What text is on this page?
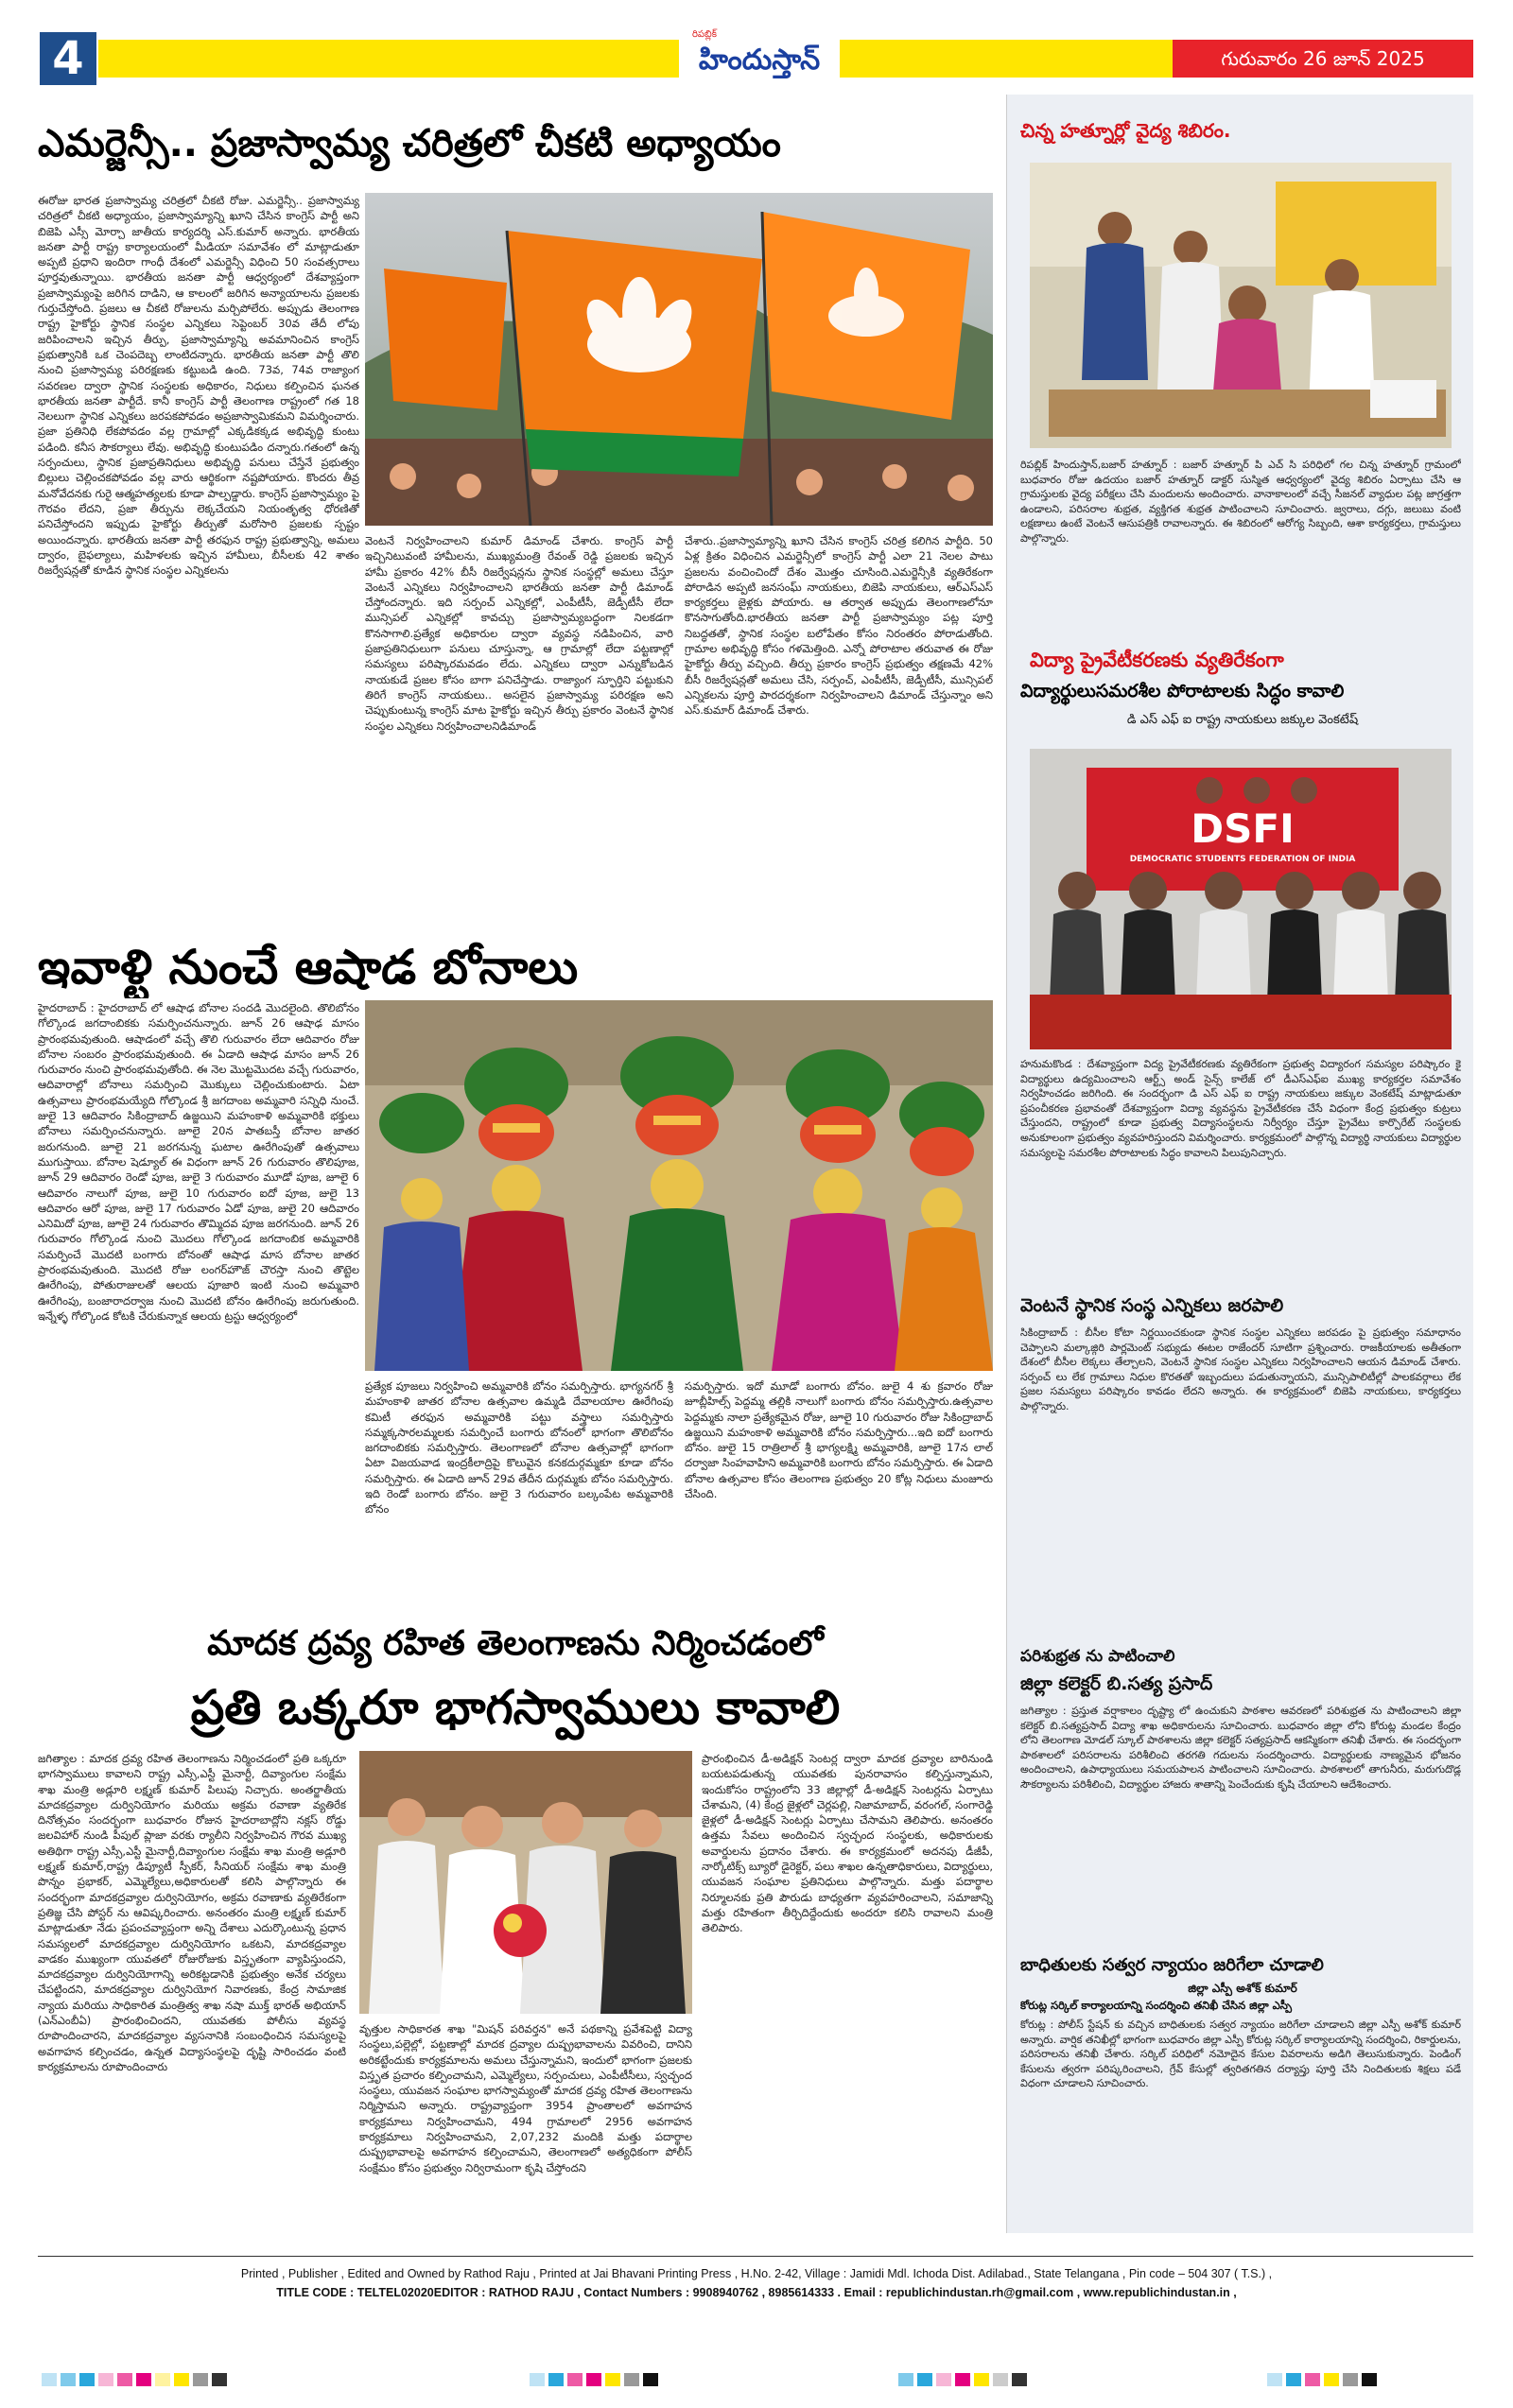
4	రిపబ్లిక్
హిందుస్తాన్	గురువారం 26 జూన్ 2025
ఎమర్జెన్సీ.. ప్రజాస్వామ్య చరిత్రలో చీకటి అధ్యాయం
ఈరోజు భారత ప్రజాస్వామ్య చరిత్రలో చీకటి రోజు. ఎమర్జెన్సీ.. ప్రజాస్వామ్య చరిత్రలో చీకటి అధ్యాయం, ప్రజాస్వామ్యాన్ని ఖూని చేసిన కాంగ్రెస్ పార్టీ అని బిజెపి ఎస్సీ మోర్చా జాతీయ కార్యదర్శి ఎస్.కుమార్ అన్నారు. భారతీయ జనతా పార్టీ రాష్ట్ర కార్యాలయంలో మీడియా సమావేశం లో మాట్లాడుతూ అప్పటి ప్రధాని ఇందిరా గాంధీ దేశంలో ఎమర్జెన్సీ విధించి 50 సంవత్సరాలు పూర్తవుతున్నాయి. భారతీయ జనతా పార్టీ ఆధ్వర్యంలో దేశవ్యాప్తంగా ప్రజాస్వామ్యంపై జరిగిన దాడిని, ఆ కాలంలో జరిగిన అన్యాయాలను ప్రజలకు గుర్తుచేస్తోంది. ప్రజలు ఆ చీకటి రోజులను మర్చిపోలేరు. అప్పుడు తెలంగాణ రాష్ట్ర హైకోర్టు స్థానిక సంస్థల ఎన్నికలు సెప్టెంబర్ 30వ తేదీ లోపు జరిపించాలని ఇచ్చిన తీర్పు, ప్రజాస్వామ్యాన్ని అవమానించిన కాంగ్రెస్ ప్రభుత్వానికి ఒక చెంపదెబ్బ లాంటిదన్నారు. భారతీయ జనతా పార్టీ తొలి నుంచి ప్రజాస్వామ్య పరిరక్షణకు కట్టుబడి ఉంది. 73వ, 74వ రాజ్యాంగ సవరణల ద్వారా స్థానిక సంస్థలకు అధికారం, నిధులు కల్పించిన ఘనత భారతీయ జనతా పార్టీదే. కానీ కాంగ్రెస్ పార్టీ తెలంగాణ రాష్ట్రంలో గత 18 నెలలుగా స్థానిక ఎన్నికలు జరపకపోవడం అప్రజాస్వామికమని విమర్శించారు. ప్రజా ప్రతినిధి లేకపోవడం వల్ల గ్రామాల్లో ఎక్కడికక్కడ అభివృద్ధి కుంటు పడింది. కనీస సౌకర్యాలు లేవు. అభివృద్ధి కుంటుపడిం దన్నారు.గతంలో ఉన్న సర్పంచులు, స్థానిక ప్రజాప్రతినిధులు అభివృద్ధి పనులు చేస్తేనే ప్రభుత్వం బిల్లులు చెల్లించకపోవడం వల్ల వారు ఆర్థికంగా నష్టపోయారు. కొందరు తీవ్ర మనోవేదనకు గురై ఆత్మహత్యలకు కూడా పాల్పడ్డారు. కాంగ్రెస్ ప్రజాస్వామ్యం పై గౌరవం లేదని, ప్రజా తీర్పును లెక్కచేయని నియంతృత్వ ధోరణితో పనిచేస్తోందని ఇప్పుడు హైకోర్టు తీర్పుతో మరోసారి ప్రజలకు స్పష్టం అయిందన్నారు. భారతీయ జనతా పార్టీ తరఫున రాష్ట్ర ప్రభుత్వాన్ని, అమలు ద్వారం, బైఫల్యాలు, మహిళలకు ఇచ్చిన హామీలు, బీసీలకు 42 శాతం రిజర్వేషన్లతో కూడిన స్థానిక సంస్థల ఎన్నికలను
వెంటనే నిర్వహించాలని కుమార్ డిమాండ్ చేశారు. కాంగ్రెస్ పార్టీ ఇచ్చినిటువంటి హామీలను, ముఖ్యమంత్రి రేవంత్ రెడ్డి ప్రజలకు ఇచ్చిన హామీ ప్రకారం 42% బీసీ రిజర్వేషన్లను స్థానిక సంస్థల్లో అమలు చేస్తూ వెంటనే ఎన్నికలు నిర్వహించాలని భారతీయ జనతా పార్టీ డిమాండ్ చేస్తోందన్నారు. ఇది సర్పంచ్ ఎన్నికల్లో, ఎంపీటీసీ, జెడ్పీటీసీ లేదా మున్సిపల్ ఎన్నికల్లో కావచ్చు ప్రజాస్వామ్యబద్ధంగా నిలకడగా కొనసాగాలి.ప్రత్యేక అధికారుల ద్వారా వ్యవస్థ నడిపించిన, వారి ప్రజాప్రతినిధులుగా పనులు చూస్తున్నా, ఆ గ్రామాల్లో లేదా పట్టణాల్లో సమస్యలు పరిష్కారమవడం లేదు. ఎన్నికలు ద్వారా ఎన్నుకోబడిన నాయకుడే ప్రజల కోసం బాగా పనిచేస్తాడు. రాజ్యాంగ స్ఫూర్తిని పట్టుకుని తిరిగే కాంగ్రెస్ నాయకులు.. అసలైన ప్రజాస్వామ్య పరిరక్షణ అని చెప్పుకుంటున్న కాంగ్రెస్ మాట హైకోర్టు ఇచ్చిన తీర్పు ప్రకారం వెంటనే స్థానిక సంస్థల ఎన్నికలు నిర్వహించాలనిడిమాండ్
చేశారు..ప్రజాస్వామ్యాన్ని ఖూని చేసిన కాంగ్రెస్ చరిత్ర కలిగిన పార్టీది. 50 ఏళ్ల క్రితం విధించిన ఎమర్జెన్సీలో కాంగ్రెస్ పార్టీ ఎలా 21 నెలల పాటు ప్రజలను వంచించిందో దేశం మొత్తం చూసింది.ఎమర్జెన్సీకి వ్యతిరేకంగా పోరాడిన అప్పటి జనసంఘ్ నాయకులు, బిజెపి నాయకులు, ఆర్ఎస్ఎస్ కార్యకర్తలు జైళ్లకు పోయారు. ఆ తర్వాత అప్పుడు తెలంగాణలోనూ కొనసాగుతోంది.భారతీయ జనతా పార్టీ ప్రజాస్వామ్యం పట్ల పూర్తి నిబద్ధతతో, స్థానిక సంస్థల బలోపేతం కోసం నిరంతరం పోరాడుతోంది. గ్రామాల అభివృద్ధి కోసం గళమెత్తింది. ఎన్నో పోరాటాల తరువాత ఈ రోజు హైకోర్టు తీర్పు వచ్చింది. తీర్పు ప్రకారం కాంగ్రెస్ ప్రభుత్వం తక్షణమే 42% బీసీ రిజర్వేషన్లతో అమలు చేసి, సర్పంచ్, ఎంపీటీసీ, జెడ్పీటీసీ, మున్సిపల్ ఎన్నికలను పూర్తి పారదర్శకంగా నిర్వహించాలని డిమాండ్ చేస్తున్నాం అని ఎస్.కుమార్ డిమాండ్ చేశారు.
ఇవాళ్టి నుంచే ఆషాడ బోనాలు
హైదరాబాద్ : హైదరాబాద్ లో ఆషాఢ బోనాల సందడి మొదలైంది. తొలిబోనం గోల్కొండ జగదాంబికకు సమర్పించనున్నారు. జూన్ 26 ఆషాఢ మాసం ప్రారంభమవుతుంది. ఆషాడంలో వచ్చే తొలి గురువారం లేదా ఆదివారం రోజు బోనాల సంబరం ప్రారంభమవుతుంది. ఈ ఏడాది ఆషాఢ మాసం జూన్ 26 గురువారం నుంచి ప్రారంభమవుతోంది. ఈ నెల మొట్టమొదట వచ్చే గురువారం, ఆదివారాల్లో బోనాలు సమర్పించి మొక్కులు చెల్లించుకుంటారు. ఏటా ఉత్సవాలు ప్రారంభమయ్యేది గోల్కొండ శ్రీ జగదాంబ అమ్మవారి సన్నిధి నుంచే. జులై 13 ఆదివారం సికింద్రాబాద్ ఉజ్జయిని మహంకాళి అమ్మవారికి భక్తులు బోనాలు సమర్పించనున్నారు. జూలై 20న పాతబస్తీ బోనాల జాతర జరుగనుంది. జూలై 21 జరగనున్న ఘటాల ఊరేగింపుతో ఉత్సవాలు ముగుస్తాయి. బోనాల షెడ్యూల్ ఈ విధంగా జూన్ 26 గురువారం తొలిపూజ, జూన్ 29 ఆదివారం రెండో పూజ, జులై 3 గురువారం మూడో పూజ, జూలై 6 ఆదివారం నాలుగో పూజ, జులై 10 గురువారం ఐదో పూజ, జులై 13 ఆదివారం ఆరో పూజ, జులై 17 గురువారం ఏడో పూజ, జులై 20 ఆదివారం ఎనిమిదో పూజ, జూలై 24 గురువారం తొమ్మిదవ పూజ జరగనుంది. జూన్ 26 గురువారం గోల్కొండ నుంచి మొదలు గోల్కొండ జగదాంబిక అమ్మవారికి సమర్పించే మొదటి బంగారు బోనంతో ఆషాఢ మాస బోనాల జాతర ప్రారంభమవుతుంది. మొదటి రోజు లంగర్‌హౌజ్ చౌరస్తా నుంచి తొట్టెల ఊరేగింపు, పోతురాజులతో ఆలయ పూజారి ఇంటి నుంచి అమ్మవారి ఊరేగింపు, బంజారాదర్వాజ నుంచి మొదటి బోనం ఊరేగింపు జరుగుతుంది. ఇన్నేళ్ళ గోల్కొండ కోటకి చేరుకున్నాక ఆలయ ట్రస్టు ఆధ్వర్యంలో
ప్రత్యేక పూజలు నిర్వహించి అమ్మవారికి బోనం సమర్పిస్తారు. భాగ్యనగర్ శ్రీ మహంకాళి జాతర బోనాల ఉత్సవాల ఉమ్మడి దేవాలయాల ఊరేగింపు కమిటీ తరఫున అమ్మవారికి పట్టు వస్త్రాలు సమర్పిస్తారు సమ్మక్కసారలమ్మలకు సమర్పించే బంగారు బోనంలో భాగంగా తొలిబోనం జగదాంబికకు సమర్పిస్తారు. తెలంగాణలో బోనాల ఉత్సవాల్లో భాగంగా ఏటా విజయవాడ ఇంద్రకీలాద్రిపై కొలువైన కనకదుర్గమ్మకూ కూడా బోనం సమర్పిస్తారు. ఈ ఏడాది జూన్ 29వ తేదీన దుర్గమ్మకు బోనం సమర్పిస్తారు. ఇది రెండో బంగారు బోనం. జులై 3 గురువారం బల్కంపేట అమ్మవారికి బోనం
సమర్పిస్తారు. ఇదో మూడో బంగారు బోనం. జులై 4 శు క్రవారం రోజు జూబ్లీహిల్స్ పెద్దమ్మ తల్లికి నాలుగో బంగారు బోనం సమర్పిస్తారు.ఉత్సవాల పెద్దమ్మకు నాలా ప్రత్యేకమైన రోజు, జూలై 10 గురువారం రోజు సికింద్రాబాద్ ఉజ్జయిని మహంకాళి అమ్మవారికి బోనం సమర్పిస్తారు...ఇది ఐదో బంగారు బోనం. జులై 15 రాత్రిలాల్ శ్రీ భాగ్యలక్ష్మి అమ్మవారికి, జూలై 17న లాల్ దర్వాజా సింహవాహిని అమ్మవారికి బంగారు బోనం సమర్పిస్తారు. ఈ ఏడాది బోనాల ఉత్సవాల కోసం తెలంగాణ ప్రభుత్వం 20 కోట్ల నిధులు మంజూరు చేసింది.
మాదక ద్రవ్య రహిత తెలంగాణను నిర్మించడంలో
ప్రతి ఒక్కరూ భాగస్వాములు కావాలి
జగిత్యాల : మాదక ద్రవ్య రహిత తెలంగాణను నిర్మించడంలో ప్రతి ఒక్కరూ భాగస్వాములు కావాలని రాష్ట్ర ఎస్సీ,ఎస్టీ మైనార్టీ, దివ్యాంగుల సంక్షేమ శాఖ మంత్రి అడ్లూరి లక్ష్మణ్ కుమార్ పిలుపు నిచ్చారు. అంతర్జాతీయ మాదకద్రవ్యాల దుర్వినియోగం మరియు అక్రమ రవాణా వ్యతిరేక దినోత్సవం సందర్భంగా బుధవారం రోజున హైదరాబాద్లోని నక్లస్ రోడ్డు జలవిహార్ నుండి పీపుల్ ప్లాజా వరకు ర్యాలీని నిర్వహించిన గౌరవ ముఖ్య అతిథిగా రాష్ట్ర ఎస్సీ,ఎస్టీ మైనార్టీ,దివ్యాంగుల సంక్షేమ శాఖ మంత్రి అడ్లూరి లక్ష్మణ్ కుమార్,రాష్ట్ర డిప్యూటీ స్పీకర్, సీనియర్ సంక్షేమ శాఖ మంత్రి పొన్నం ప్రభాకర్, ఎమ్మెల్యేలు,అధికారులతో కలిసి పాల్గొన్నారు ఈ సందర్భంగా మాదకద్రవ్యాల దుర్వినియోగం, అక్రమ రవాణాకు వ్యతిరేకంగా ప్రతిజ్ఞ చేసి పోస్టర్ ను ఆవిష్కరించారు. అనంతరం మంత్రి లక్ష్మణ్ కుమార్ మాట్లాడుతూ నేడు ప్రపంచవ్యాప్తంగా అన్ని దేశాలు ఎదుర్కొంటున్న ప్రధాన సమస్యలలో మాదకద్రవ్యాల దుర్వినియోగం ఒకటని, మాదకద్రవ్యాల వాడకం ముఖ్యంగా యువతలో రోజురోజుకు విస్తృతంగా వ్యాపిస్తుందని, మాదకద్రవ్యాల దుర్వినియోగాన్ని అరికట్టడానికి ప్రభుత్వం అనేక చర్యలు చేపట్టిందని, మాదకద్రవ్యాల దుర్వినియోగ నివారణకు, కేంద్ర సామాజిక న్యాయ మరియు సాధికారిత మంత్రిత్వ శాఖ నషా ముక్త్ భారత్ అభియాన్ (ఎన్ఎంబీఏ) ప్రారంభించిందని, యువతకు పోలీసు వ్యవస్థ రూపొందించారని, మాదకద్రవ్యాల వ్యసనానికి సంబంధించిన సమస్యలపై అవగాహన కల్పించడం, ఉన్నత విద్యాసంస్థలపై దృష్టి సారించడం వంటి కార్యక్రమాలను రూపొందించారు
వృత్తుల సాధికారత శాఖ "మిషన్ పరివర్తన" అనే పథకాన్ని ప్రవేశపెట్టి విద్యా సంస్థలు,పల్లెల్లో, పట్టణాల్లో మాదక ద్రవ్యాల దుష్ప్రభావాలను వివరించి, దానిని అరికట్టేందుకు కార్యక్రమాలను అమలు చేస్తున్నామని, ఇందులో భాగంగా ప్రజలకు విస్తృత ప్రచారం కల్పించామని, ఎమ్మెల్యేలు, సర్పంచులు, ఎంపీటీసీలు, స్వచ్ఛంద సంస్థలు, యువజన సంఘాల భాగస్వామ్యంతో మాదక ద్రవ్య రహిత తెలంగాణను నిర్మిస్తామని అన్నారు. రాష్ట్రవ్యాప్తంగా 3954 ప్రాంతాలలో అవగాహన కార్యక్రమాలు నిర్వహించామని, 494 గ్రామాలలో 2956 అవగాహన కార్యక్రమాలు నిర్వహించామని, 2,07,232 మందికి మత్తు పదార్థాల దుష్ప్రభావాలపై అవగాహన కల్పించామని, తెలంగాణలో అత్యధికంగా పోలీస్ సంక్షేమం కోసం ప్రభుత్వం నిర్విరామంగా కృషి చేస్తోందని
ప్రారంభించిన డీ-అడిక్షన్ సెంటర్ల ద్వారా మాదక ద్రవ్యాల బారినుండి బయటపడుతున్న యువతకు పునరావాసం కల్పిస్తున్నామని, ఇందుకోసం రాష్ట్రంలోని 33 జిల్లాల్లో డీ-అడిక్షన్ సెంటర్లను ఏర్పాటు చేశామని, (4) కేంద్ర జైళ్లలో చెర్లపల్లి, నిజామాబాద్, వరంగల్, సంగారెడ్డి జైళ్లలో డీ-అడిక్షన్ సెంటర్లు ఏర్పాటు చేసామని తెలిపారు. అనంతరం ఉత్తమ సేవలు అందించిన స్వచ్ఛంద సంస్థలకు, అధికారులకు అవార్డులను ప్రదానం చేశారు. ఈ కార్యక్రమంలో అదనపు డీజీపీ, నార్కోటిక్స్ బ్యూరో డైరెక్టర్, పలు శాఖల ఉన్నతాధికారులు, విద్యార్థులు, యువజన సంఘాల ప్రతినిధులు పాల్గొన్నారు. మత్తు పదార్థాల నిర్మూలనకు ప్రతి పౌరుడు బాధ్యతగా వ్యవహరించాలని, సమాజాన్ని మత్తు రహితంగా తీర్చిదిద్దేందుకు అందరూ కలిసి రావాలని మంత్రి తెలిపారు.
చిన్న హత్నూర్లో వైద్య శిబిరం.
రిపబ్లిక్ హిందుస్తాన్,బజార్ హత్నూర్ : బజార్ హత్నూర్ పి ఎచ్ సి పరిధిలో గల చిన్న హత్నూర్ గ్రామంలో బుధవారం రోజు ఉదయం బజార్ హత్నూర్ డాక్టర్ సుస్మిత ఆధ్వర్యంలో వైద్య శిబిరం ఏర్పాటు చేసి ఆ గ్రామస్తులకు వైద్య పరీక్షలు చేసి మందులను అందించారు. వానాకాలంలో వచ్చే సీజనల్ వ్యాధుల పట్ల జాగ్రత్తగా ఉండాలని, పరిసరాల శుభ్రత, వ్యక్తిగత శుభ్రత పాటించాలని సూచించారు. జ్వరాలు, దగ్గు, జలుబు వంటి లక్షణాలు ఉంటే వెంటనే ఆసుపత్రికి రావాలన్నారు. ఈ శిబిరంలో ఆరోగ్య సిబ్బంది, ఆశా కార్యకర్తలు, గ్రామస్తులు పాల్గొన్నారు.
విద్యా ప్రైవేటీకరణకు వ్యతిరేకంగా
విద్యార్థులుసమరశీల పోరాటాలకు సిద్ధం కావాలి
డి ఎస్ ఎఫ్ ఐ రాష్ట్ర నాయకులు జక్కుల వెంకటేష్
DSFI
DEMOCRATIC STUDENTS FEDERATION OF INDIA
హనుమకొండ : దేశవ్యాప్తంగా విద్య ప్రైవేటీకరణకు వ్యతిరేకంగా ప్రభుత్వ విద్యారంగ సమస్యల పరిష్కారం కై విద్యార్థులు ఉద్యమించాలని ఆర్ట్స్ అండ్ సైన్స్ కాలేజ్ లో డీఎస్ఎఫ్ఐ ముఖ్య కార్యకర్తల సమావేశం నిర్వహించడం జరిగింది. ఈ సందర్భంగా డి ఎస్ ఎఫ్ ఐ రాష్ట్ర నాయకులు జక్కుల వెంకటేష్ మాట్లాడుతూ ప్రపంచీకరణ ప్రభావంతో దేశవ్యాప్తంగా విద్యా వ్యవస్థను ప్రైవేటీకరణ చేసే విధంగా కేంద్ర ప్రభుత్వం కుట్రలు చేస్తుందని, రాష్ట్రంలో కూడా ప్రభుత్వ విద్యాసంస్థలను నిర్వీర్యం చేస్తూ ప్రైవేటు కార్పొరేట్ సంస్థలకు అనుకూలంగా ప్రభుత్వం వ్యవహరిస్తుందని విమర్శించారు. కార్యక్రమంలో పాల్గొన్న విద్యార్థి నాయకులు విద్యార్థుల సమస్యలపై సమరశీల పోరాటాలకు సిద్ధం కావాలని పిలుపునిచ్చారు.
వెంటనే స్థానిక సంస్థ ఎన్నికలు జరపాలి
సికింద్రాబాద్ : బీసీల కోటా నిర్ణయించకుండా స్థానిక సంస్థల ఎన్నికలు జరపడం పై ప్రభుత్వం సమాధానం చెప్పాలని మల్కాజ్గిరి పార్లమెంట్ సభ్యుడు ఈటల రాజేందర్ సూటిగా ప్రశ్నించారు. రాజకీయాలకు అతీతంగా దేశంలో బీసీల లెక్కలు తేల్చాలని, వెంటనే స్థానిక సంస్థల ఎన్నికలు నిర్వహించాలని ఆయన డిమాండ్ చేశారు. సర్పంచ్ లు లేక గ్రామాలు నిధుల కొరతతో ఇబ్బందులు పడుతున్నాయని, మున్సిపాలిటీల్లో పాలకవర్గాలు లేక ప్రజల సమస్యలు పరిష్కారం కావడం లేదని అన్నారు. ఈ కార్యక్రమంలో బిజెపి నాయకులు, కార్యకర్తలు పాల్గొన్నారు.
పరిశుభ్రత ను పాటించాలి
జిల్లా కలెక్టర్ బి.సత్య ప్రసాద్
జగిత్యాల : ప్రస్తుత వర్షాకాలం దృష్ట్యా లో ఉంచుకుని పాఠశాల ఆవరణలో పరిశుభ్రత ను పాటించాలని జిల్లా కలెక్టర్ బి.సత్యప్రసాద్ విద్యా శాఖ అధికారులను సూచించారు. బుధవారం జిల్లా లోని కోరుట్ల మండల కేంద్రం లోని తెలంగాణ మోడల్ స్కూల్ పాఠశాలను జిల్లా కలెక్టర్ సత్యప్రసాద్ ఆకస్మికంగా తనిఖీ చేశారు. ఈ సందర్భంగా పాఠశాలలో పరిసరాలను పరిశీలించి తరగతి గదులను సందర్శించారు. విద్యార్థులకు నాణ్యమైన భోజనం అందించాలని, ఉపాధ్యాయులు సమయపాలన పాటించాలని సూచించారు. పాఠశాలలో తాగునీరు, మరుగుదొడ్ల సౌకర్యాలను పరిశీలించి, విద్యార్థుల హాజరు శాతాన్ని పెంచేందుకు కృషి చేయాలని ఆదేశించారు.
బాధితులకు సత్వర న్యాయం జరిగేలా చూడాలి
జిల్లా ఎస్పీ అశోక్ కుమార్
కోరుట్ల సర్కిల్ కార్యాలయాన్ని సందర్శించి తనిఖీ చేసిన జిల్లా ఎస్పీ
కోరుట్ల : పోలీస్ స్టేషన్ కు వచ్చిన బాధితులకు సత్వర న్యాయం జరిగేలా చూడాలని జిల్లా ఎస్పీ అశోక్ కుమార్ అన్నారు. వార్షిక తనిఖీల్లో భాగంగా బుధవారం జిల్లా ఎస్పీ కోరుట్ల సర్కిల్ కార్యాలయాన్ని సందర్శించి, రికార్డులను, పరిసరాలను తనిఖీ చేశారు. సర్కిల్ పరిధిలో నమోదైన కేసుల వివరాలను అడిగి తెలుసుకున్నారు. పెండింగ్ కేసులను త్వరగా పరిష్కరించాలని, గ్రేవ్ కేసుల్లో త్వరితగతిన దర్యాప్తు పూర్తి చేసి నిందితులకు శిక్షలు పడే విధంగా చూడాలని సూచించారు.
Printed , Publisher , Edited and Owned by Rathod Raju , Printed at Jai Bhavani Printing Press , H.No. 2-42, Village : Jamidi Mdl. Ichoda Dist. Adilabad., State Telangana , Pin code – 504 307 ( T.S.) ,
TITLE CODE : TELTEL02020EDITOR : RATHOD RAJU , Contact Numbers : 9908940762 , 8985614333 . Email : republichindustan.rh@gmail.com , www.republichindustan.in ,
